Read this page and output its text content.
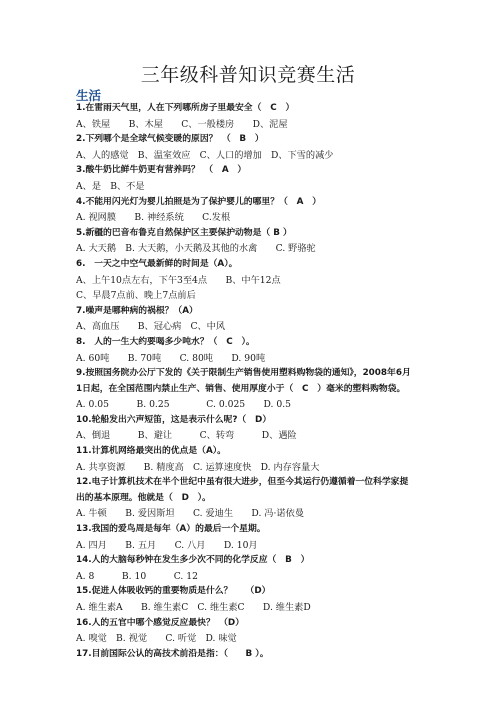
三年级科普知识竞赛生活
生活
1.在雷雨天气里，人在下列哪所房子里最安全（　C　）
A、铁屋　　B、木屋　　C、一般楼房　　D、泥屋
2.下列哪个是全球气候变暖的原因？　（　B　）
A、人的感觉　B、温室效应　C、人口的增加　D、下雪的减少
3.酸牛奶比鲜牛奶更有营养吗？　（　A　）
A、是　B、不是
4.不能用闪光灯为婴儿拍照是为了保护婴儿的哪里？（　A　）
A. 视网膜　　B. 神经系统　　C.发根
5.新疆的巴音布鲁克自然保护区主要保护动物是（ B ）
A. 大天鹅　B. 大天鹅，小天鹅及其他的水禽　　C. 野骆驼
6.　一天之中空气最新鲜的时间是（A）。
A、上午10点左右，下午3至4点　　B、中午12点
C、早晨7点前、晚上7点前后
7.噪声是哪种病的祸根？（A）
A、高血压　　B、冠心病　C、中风
8.　人的一生大约要喝多少吨水？（　C　）。
A. 60吨　　B. 70吨　　C. 80吨　　D. 90吨
9.按照国务院办公厅下发的《关于限制生产销售使用塑料购物袋的通知》，2008年6月
1日起，在全国范围内禁止生产、销售、使用厚度小于（　C　）毫米的塑料购物袋。
A. 0.05　　　B. 0.25　　　　C. 0.025　　D. 0.5
10.轮船发出六声短笛，这是表示什么呢?（　D）
A、倒退　　　B、避让　　　C、转弯　　　D、遇险
11.计算机网络最突出的优点是（A）。
A. 共享资源　　B. 精度高　C. 运算速度快　D. 内存容量大
12.电子计算机技术在半个世纪中虽有很大进步，但至今其运行仍遵循着一位科学家提
出的基本原理。他就是（　D　）。
A. 牛顿　　B. 爱因斯坦　　C. 爱迪生　　D. 冯·诺依曼
13.我国的爱鸟周是每年（A）的最后一个星期。
A. 四月　　B. 五月　　C. 八月　　D. 10月
14.人的大脑每秒钟在发生多少次不同的化学反应（　B　）
A. 8　　　B. 10　　　C. 12
15.促进人体吸收钙的重要物质是什么？　　（D）
A. 维生素A　　B. 维生素C　C. 维生素C　　D. 维生素D
16.人的五官中哪个感觉反应最快？　（D）
A. 嗅觉　B. 视觉　　C. 听觉　D. 味觉
17.目前国际公认的高技术前沿是指：（　　B ）。
